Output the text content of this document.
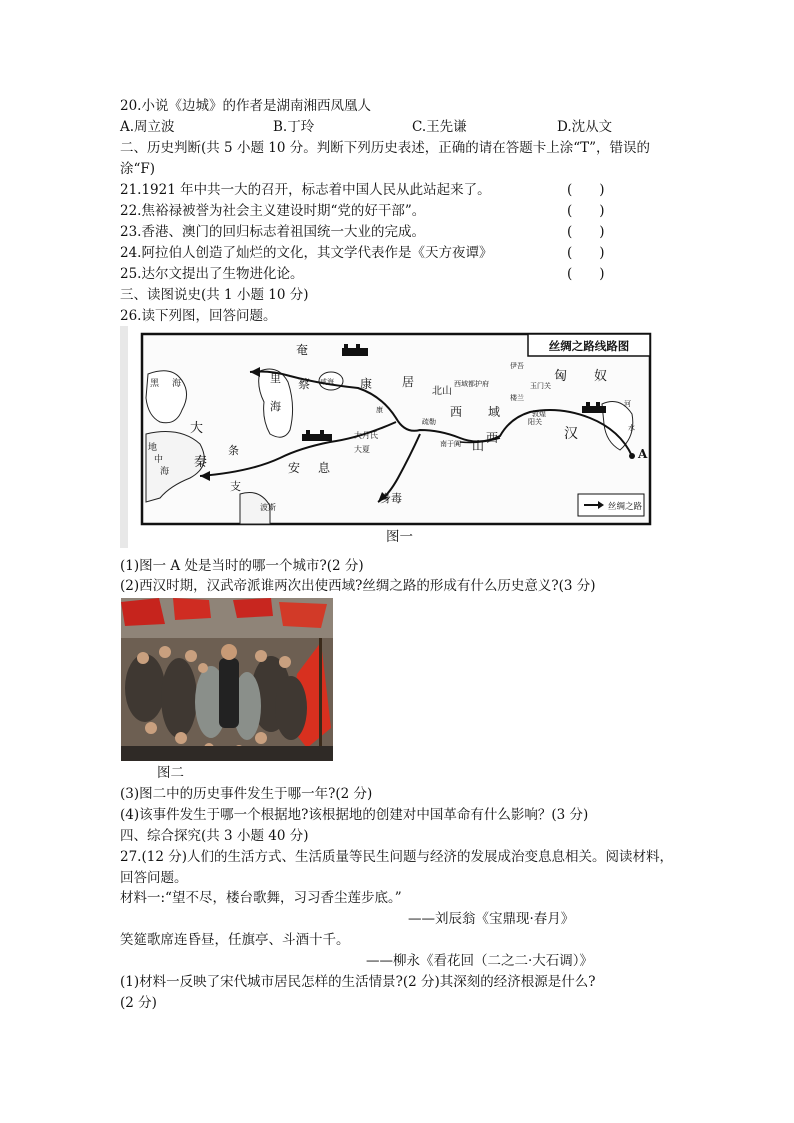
20.小说《边城》的作者是湖南湘西凤凰人
A.周立波	B.丁玲	C.王先谦	D.沈从文
二、历史判断(共 5 小题 10 分。判断下列历史表述，正确的请在答题卡上涂“T”，错误的
涂“F)
21.1921 年中共一大的召开，标志着中国人民从此站起来了。	(　　)
22.焦裕禄被誉为社会主义建设时期“党的好干部”。	(　　)
23.香港、澳门的回归标志着祖国统一大业的完成。	(　　)
24.阿拉伯人创造了灿烂的文化，其文学代表作是《天方夜谭》	(　　)
25.达尔文提出了生物进化论。	(　　)
三、读图说史(共 1 小题 10 分)
26.读下列图，回答问题。
丝绸之路线路图
奄
里
海
咸海
蔡	康 居
北山
西 域
西
山
西域都护府
伊吾
玉门关
楼兰
敦煌
阳关
匈 奴
汉
A
河
水
大月氏
大夏
疏勒
南于阗
康
安 息
身毒
大
秦
条
支
黑 海
地
中
海
波斯	丝绸之路
图一
(1)图一 A 处是当时的哪一个城市?(2 分)
(2)西汉时期，汉武帝派谁两次出使西域?丝绸之路的形成有什么历史意义?(3 分)
图二
(3)图二中的历史事件发生于哪一年?(2 分)
(4)该事件发生于哪一个根据地?该根据地的创建对中国革命有什么影响？(3 分)
四、综合探究(共 3 小题 40 分)
27.(12 分)人们的生活方式、生活质量等民生问题与经济的发展成治变息息相关。阅读材料，
回答问题。
材料一:“望不尽，楼台歌舞，习习香尘莲步底。”
——刘辰翁《宝鼎现·春月》
笑筵歌席连昏昼，任旗亭、斗酒十千。
——柳永《看花回（二之二·大石调）》
(1)材料一反映了宋代城市居民怎样的生活情景?(2 分)其深刻的经济根源是什么?
(2 分)
